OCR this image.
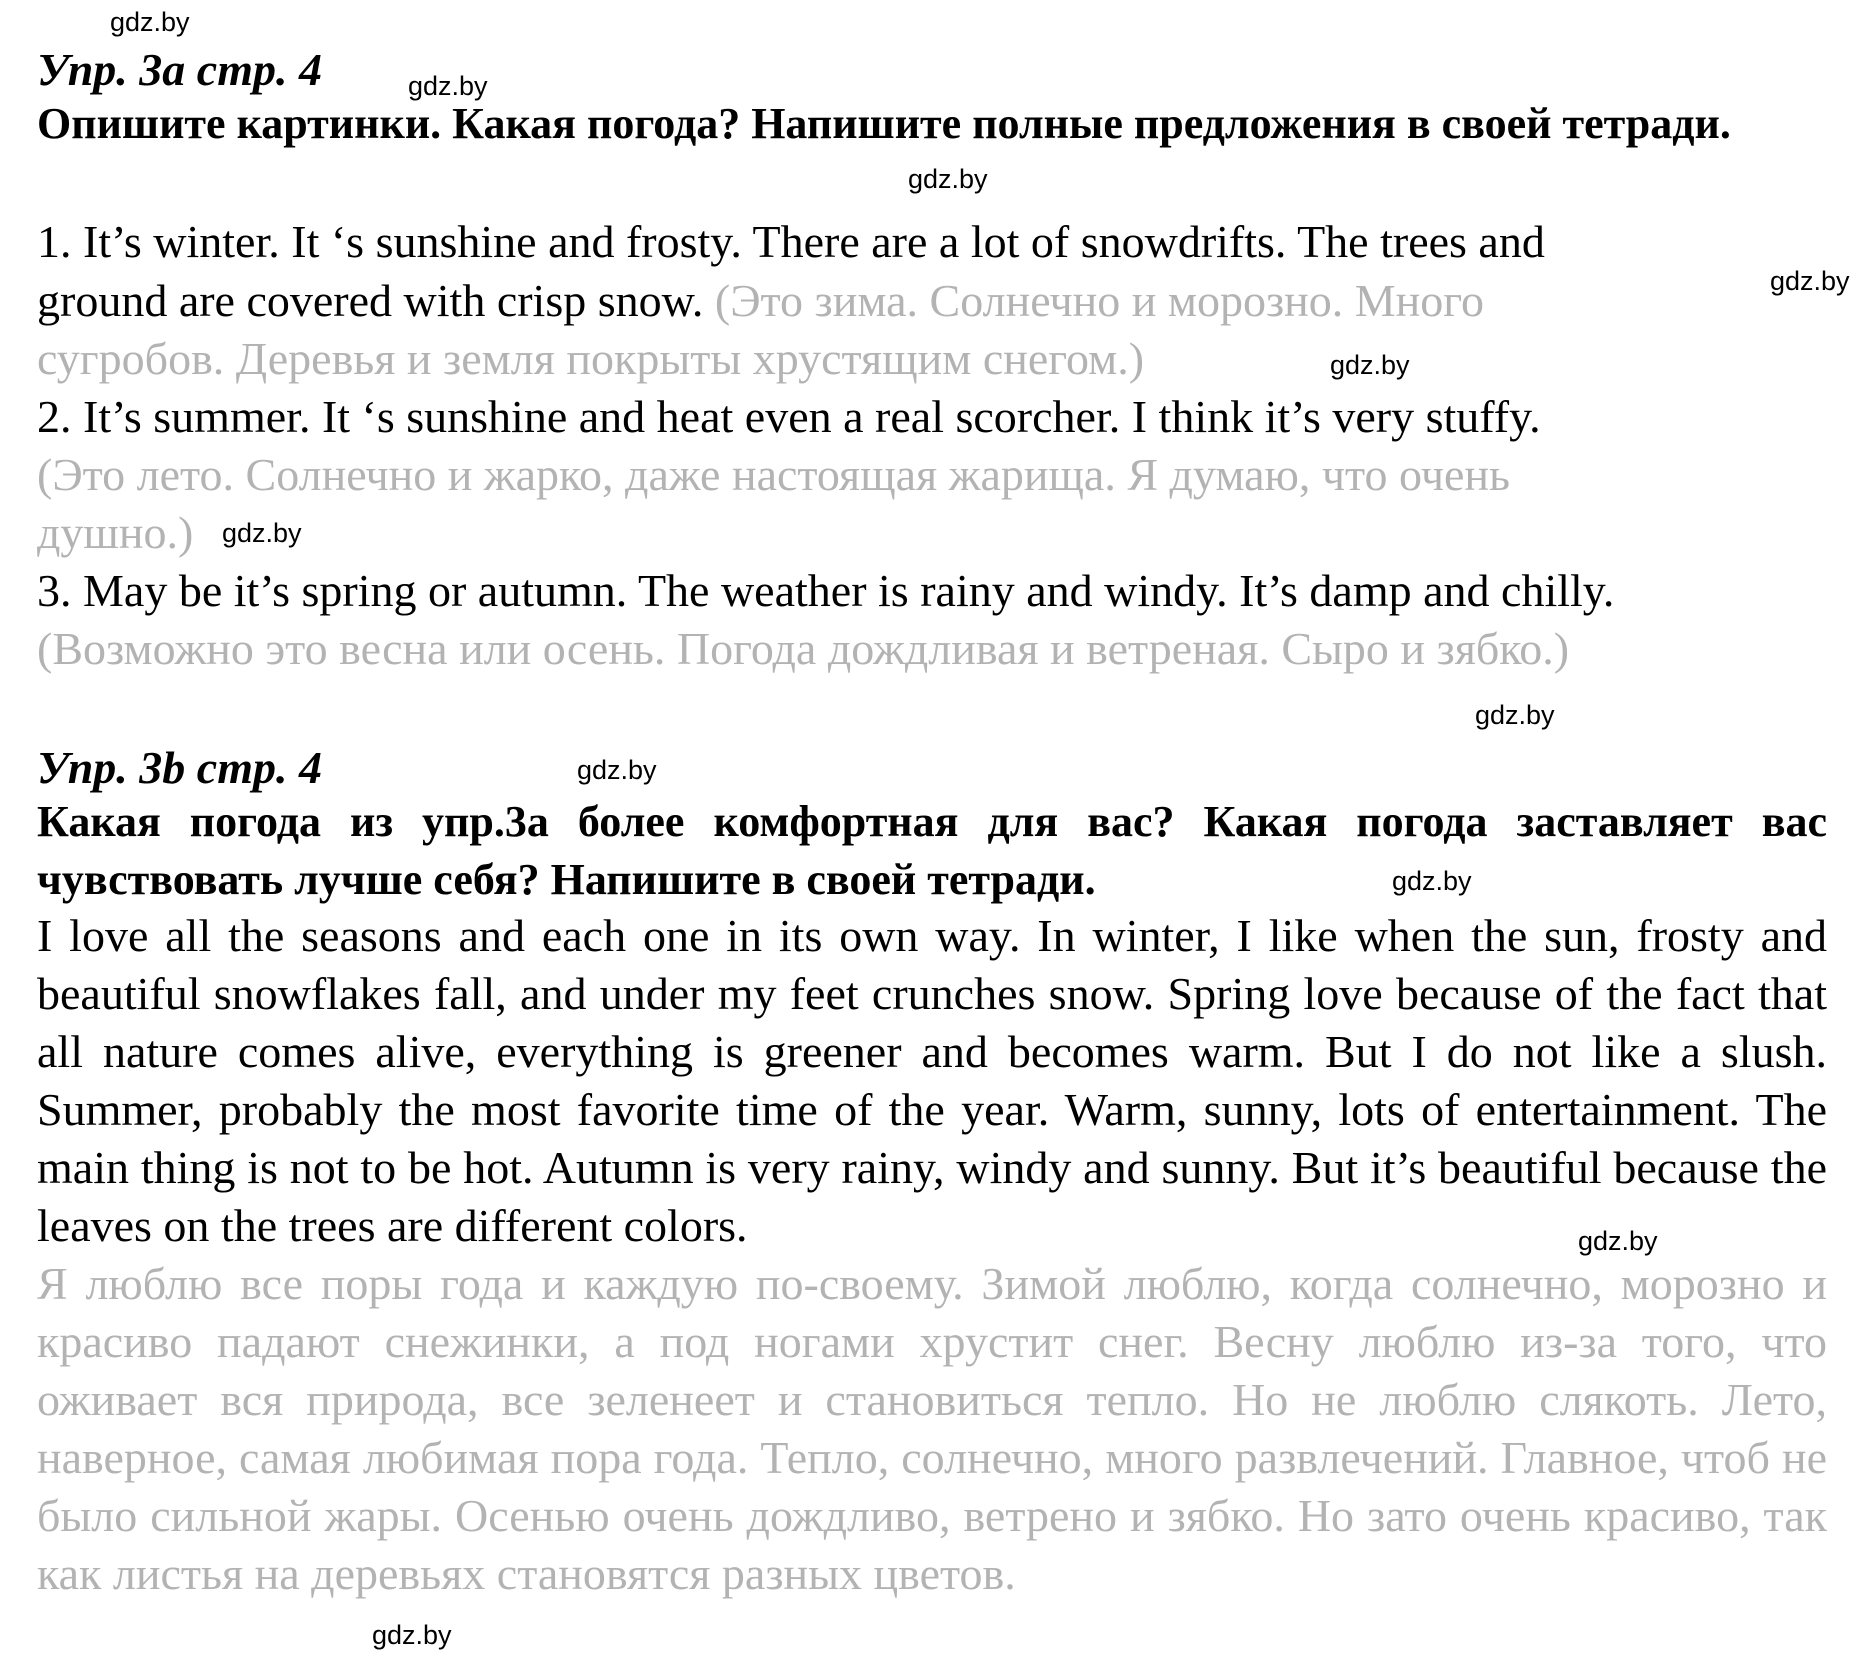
gdz.by
gdz.by
gdz.by
gdz.by
gdz.by
gdz.by
gdz.by
gdz.by
gdz.by
gdz.by
gdz.by
Упр. 3а стр. 4
Опишите картинки. Какая погода? Напишите полные предложения в своей тетради.
1. It’s winter. It ‘s sunshine and frosty. There are a lot of snowdrifts. The trees and
ground are covered with crisp snow. (Это зима. Солнечно и морозно. Много
сугробов. Деревья и земля покрыты хрустящим снегом.)
2. It’s summer. It ‘s sunshine and heat even a real scorcher. I think it’s very stuffy.
(Это лето. Солнечно и жарко, даже настоящая жарища. Я думаю, что очень
душно.)
3. May be it’s spring or autumn. The weather is rainy and windy. It’s damp and chilly.
(Возможно это весна или осень. Погода дождливая и ветреная. Сыро и зябко.)
Упр. 3b стр. 4
Какая погода из упр.3а более комфортная для вас? Какая погода заставляет вас чувствовать лучше себя? Напишите в своей тетради.
I love all the seasons and each one in its own way. In winter, I like when the sun, frosty and beautiful snowflakes fall, and under my feet crunches snow. Spring love because of the fact that all nature comes alive, everything is greener and becomes warm. But I do not like a slush. Summer, probably the most favorite time of the year. Warm, sunny, lots of entertainment. The main thing is not to be hot. Autumn is very rainy, windy and sunny. But it’s beautiful because the leaves on the trees are different colors.
Я люблю все поры года и каждую по-своему. Зимой люблю, когда солнечно, морозно и красиво падают снежинки, а под ногами хрустит снег. Весну люблю из-за того, что оживает вся природа, все зеленеет и становиться тепло. Но не люблю слякоть. Лето, наверное, самая любимая пора года. Тепло, солнечно, много развлечений. Главное, чтоб не было сильной жары. Осенью очень дождливо, ветрено и зябко. Но зато очень красиво, так как листья на деревьях становятся разных цветов.
